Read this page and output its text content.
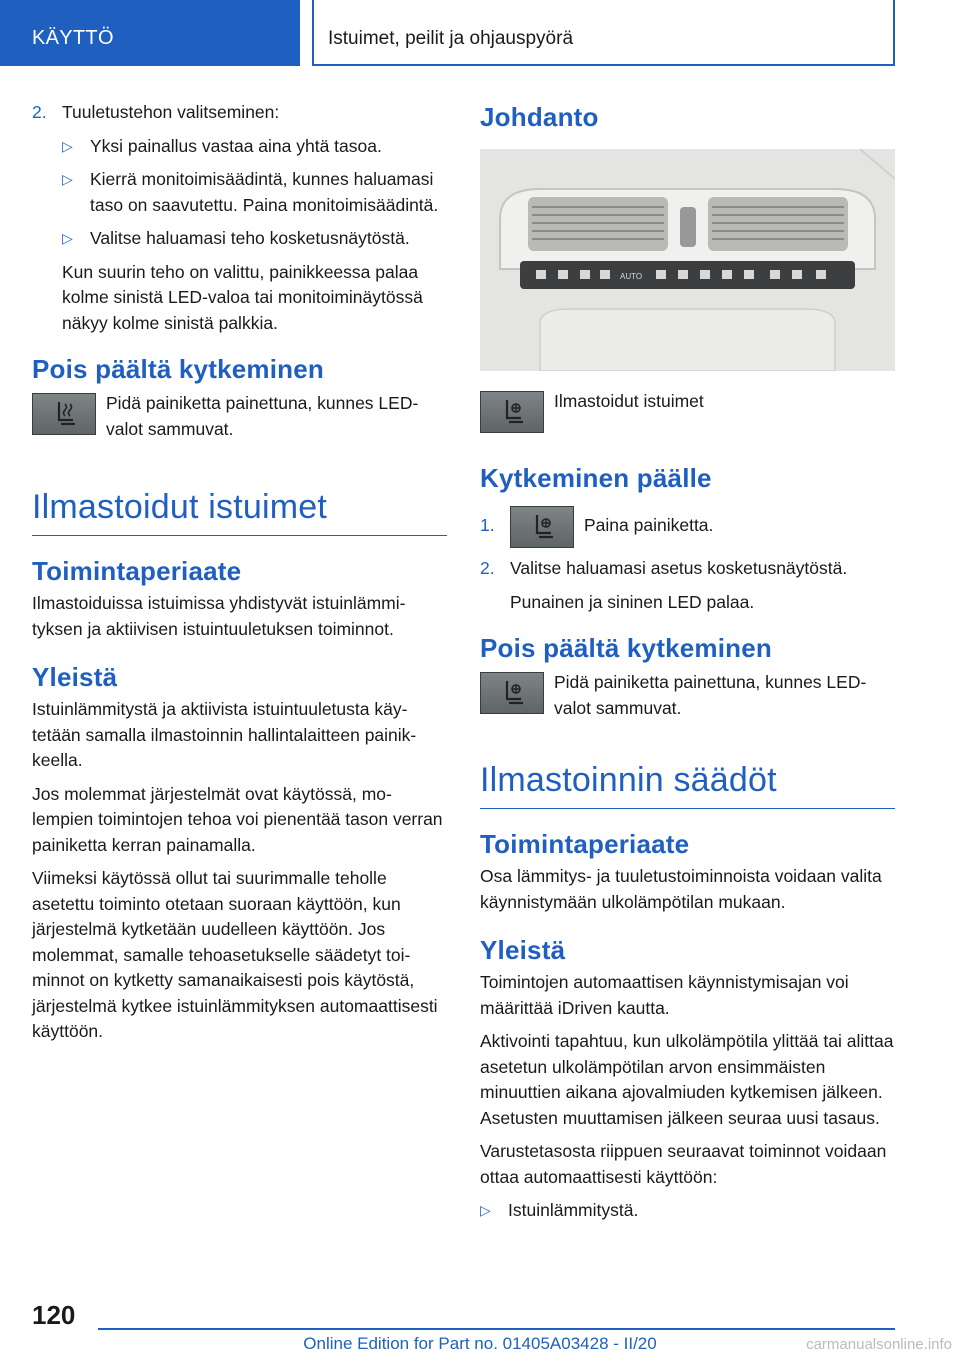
KÄYTTÖ	Istuimet, peilit ja ohjauspyörä
2. Tuuletustehon valitseminen:
▷ Yksi painallus vastaa aina yhtä tasoa.
▷ Kierrä monitoimisäädintä, kunnes haluamasi taso on saavutettu. Paina monitoimisäädintä.
▷ Valitse haluamasi teho kosketusnäytöstä.

Kun suurin teho on valittu, painikkeessa palaa kolme sinistä LED-valoa tai monitoiminäytössä näkyy kolme sinistä palkkia.

Pois päältä kytkeminen

Pidä painiketta painettuna, kunnes LED-valot sammuvat.

Ilmastoidut istuimet
Toimintaperiaate

Ilmastoiduissa istuimissa yhdistyvät istuinlämmityksen ja aktiivisen istuintuuletuksen toiminnot.

Yleistä

Istuinlämmitystä ja aktiivista istuintuuletusta käytetään samalla ilmastoinnin hallintalaitteen painikkeella.

Jos molemmat järjestelmät ovat käytössä, molempien toimintojen tehoa voi pienentää tason verran painiketta kerran painamalla.

Viimeksi käytössä ollut tai suurimmalle teholle asetettu toiminto otetaan suoraan käyttöön, kun järjestelmä kytketään uudelleen käyttöön. Jos molemmat, samalle tehoasetukselle säädetyt toiminnot on kytketty samanaikaisesti pois käytöstä, järjestelmä kytkee istuinlämmityksen automaattisesti käyttöön.

Johdanto
AUTO

Ilmastoidut istuimet

Kytkeminen päälle
1.	Paina painiketta.
2. Valitse haluamasi asetus kosketusnäytöstä.

Punainen ja sininen LED palaa.

Pois päältä kytkeminen

Pidä painiketta painettuna, kunnes LED-valot sammuvat.

Ilmastoinnin säädöt
Toimintaperiaate

Osa lämmitys- ja tuuletustoiminnoista voidaan valita käynnistymään ulkolämpötilan mukaan.

Yleistä

Toimintojen automaattisen käynnistymisajan voi määrittää iDriven kautta.

Aktivointi tapahtuu, kun ulkolämpötila ylittää tai alittaa asetetun ulkolämpötilan arvon ensimmäisten minuuttien aikana ajovalmiuden kytkemisen jälkeen. Asetusten muuttamisen jälkeen seuraa uusi tasaus.

Varustetasosta riippuen seuraavat toiminnot voidaan ottaa automaattisesti käyttöön:

▷ Istuinlämmitystä.
120
Online Edition for Part no. 01405A03428 - II/20	carmanualsonline.info
